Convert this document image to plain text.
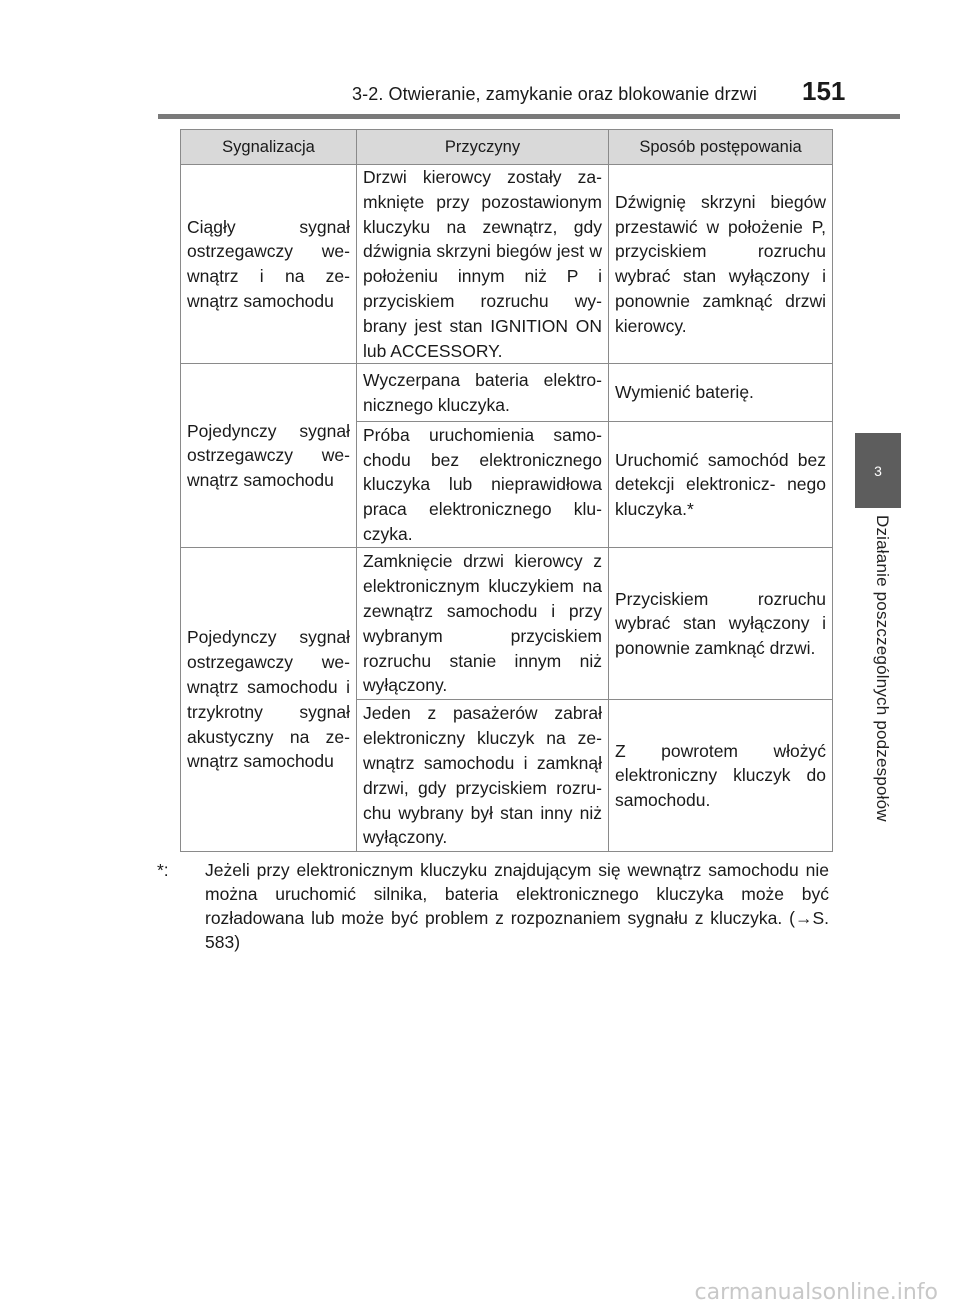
3-2. Otwieranie, zamykanie oraz blokowanie drzwi 151
3
Działanie poszczególnych podzespołów
Sygnalizacja	Przyczyny	Sposób postępowania
Ciągły sygnał ostrzegawczy we- wnątrz i na ze- wnątrz samochodu	Drzwi kierowcy zostały za- mknięte przy pozostawionym kluczyku na zewnątrz, gdy dźwignia skrzyni biegów jest w położeniu innym niż P i przyciskiem rozruchu wy- brany jest stan IGNITION ON lub ACCESSORY.	Dźwignię skrzyni biegów przestawić w położenie P, przyciskiem rozruchu wybrać stan wyłączony i ponownie zamknąć drzwi kierowcy.
Pojedynczy sygnał ostrzegawczy we- wnątrz samochodu	Wyczerpana bateria elektro- nicznego kluczyka.	Wymienić baterię.
	Próba uruchomienia samo- chodu bez elektronicznego kluczyka lub nieprawidłowa praca elektronicznego klu- czyka.	Uruchomić samochód bez detekcji elektronicz- nego kluczyka.*
Pojedynczy sygnał ostrzegawczy we- wnątrz samochodu i trzykrotny sygnał akustyczny na ze- wnątrz samochodu	Zamknięcie drzwi kierowcy z elektronicznym kluczykiem na zewnątrz samochodu i przy wybranym przyciskiem rozruchu stanie innym niż wyłączony.	Przyciskiem rozruchu wybrać stan wyłączony i ponownie zamknąć drzwi.
	Jeden z pasażerów zabrał elektroniczny kluczyk na ze- wnątrz samochodu i zamknął drzwi, gdy przyciskiem rozru- chu wybrany był stan inny niż wyłączony.	Z powrotem włożyć elektroniczny kluczyk do samochodu.
*: Jeżeli przy elektronicznym kluczyku znajdującym się wewnątrz samochodu nie można uruchomić silnika, bateria elektronicznego kluczyka może być rozładowana lub może być problem z rozpoznaniem sygnału z kluczyka. (→S. 583)
carmanualsonline.info
